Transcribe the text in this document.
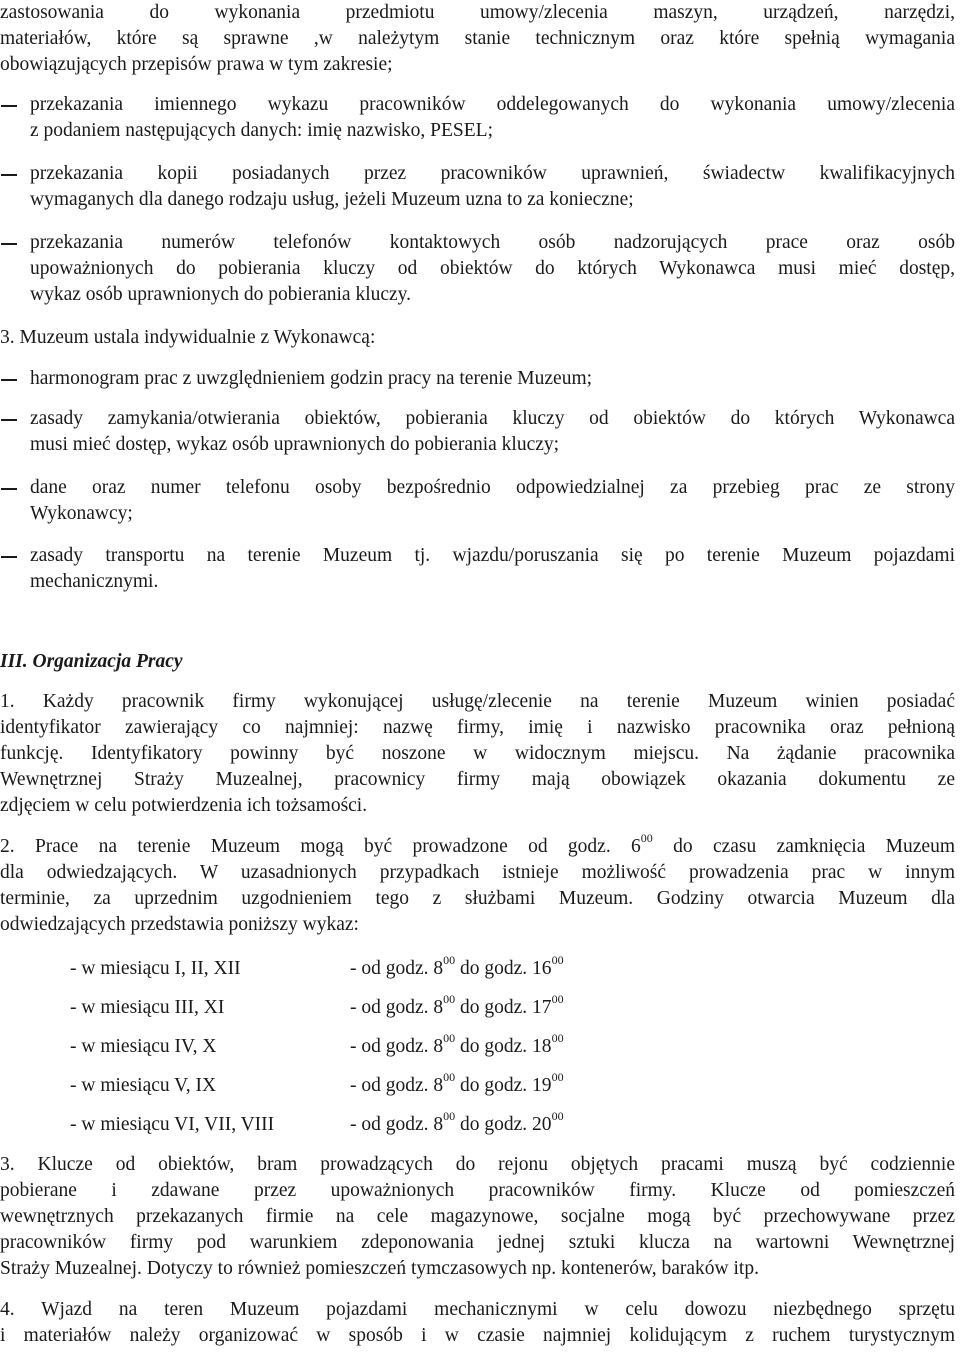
zastosowania do wykonania przedmiotu umowy/zlecenia maszyn, urządzeń, narzędzi,
materiałów, które są sprawne ,w należytym stanie technicznym oraz które spełnią wymagania
obowiązujących przepisów prawa w tym zakresie;
przekazania imiennego wykazu pracowników oddelegowanych do wykonania umowy/zlecenia
z podaniem następujących danych: imię nazwisko, PESEL;
przekazania kopii posiadanych przez pracowników uprawnień, świadectw kwalifikacyjnych
wymaganych dla danego rodzaju usług, jeżeli Muzeum uzna to za konieczne;
przekazania numerów telefonów kontaktowych osób nadzorujących prace oraz osób
upoważnionych do pobierania kluczy od obiektów do których Wykonawca musi mieć dostęp,
wykaz osób uprawnionych do pobierania kluczy.
3. Muzeum ustala indywidualnie z Wykonawcą:
harmonogram prac z uwzględnieniem godzin pracy na terenie Muzeum;
zasady zamykania/otwierania obiektów, pobierania kluczy od obiektów do których Wykonawca
musi mieć dostęp, wykaz osób uprawnionych do pobierania kluczy;
dane oraz numer telefonu osoby bezpośrednio odpowiedzialnej za przebieg prac ze strony
Wykonawcy;
zasady transportu na terenie Muzeum tj. wjazdu/poruszania się po terenie Muzeum pojazdami
mechanicznymi.
III. Organizacja Pracy
1. Każdy pracownik firmy wykonującej usługę/zlecenie na terenie Muzeum winien posiadać
identyfikator zawierający co najmniej: nazwę firmy, imię i nazwisko pracownika oraz pełnioną
funkcję. Identyfikatory powinny być noszone w widocznym miejscu. Na żądanie pracownika
Wewnętrznej Straży Muzealnej, pracownicy firmy mają obowiązek okazania dokumentu ze
zdjęciem w celu potwierdzenia ich tożsamości.
2. Prace na terenie Muzeum mogą być prowadzone od godz. $6^{00}$ do czasu zamknięcia Muzeum
dla odwiedzających. W uzasadnionych przypadkach istnieje możliwość prowadzenia prac w innym
terminie, za uprzednim uzgodnieniem tego z służbami Muzeum. Godziny otwarcia Muzeum dla
odwiedzających przedstawia poniższy wykaz:
- w miesiącu I, II, XII	- od godz. $8^{00}$ do godz. $16^{00}$
- w miesiącu III, XI	- od godz. $8^{00}$ do godz. $17^{00}$
- w miesiącu IV, X	- od godz. $8^{00}$ do godz. $18^{00}$
- w miesiącu V, IX	- od godz. $8^{00}$ do godz. $19^{00}$
- w miesiącu VI, VII, VIII	- od godz. $8^{00}$ do godz. $20^{00}$
3. Klucze od obiektów, bram prowadzących do rejonu objętych pracami muszą być codziennie
pobierane i zdawane przez upoważnionych pracowników firmy. Klucze od pomieszczeń
wewnętrznych przekazanych firmie na cele magazynowe, socjalne mogą być przechowywane przez
pracowników firmy pod warunkiem zdeponowania jednej sztuki klucza na wartowni Wewnętrznej
Straży Muzealnej. Dotyczy to również pomieszczeń tymczasowych np. kontenerów, baraków itp.
4. Wjazd na teren Muzeum pojazdami mechanicznymi w celu dowozu niezbędnego sprzętu
i materiałów należy organizować w sposób i w czasie najmniej kolidującym z ruchem turystycznym
